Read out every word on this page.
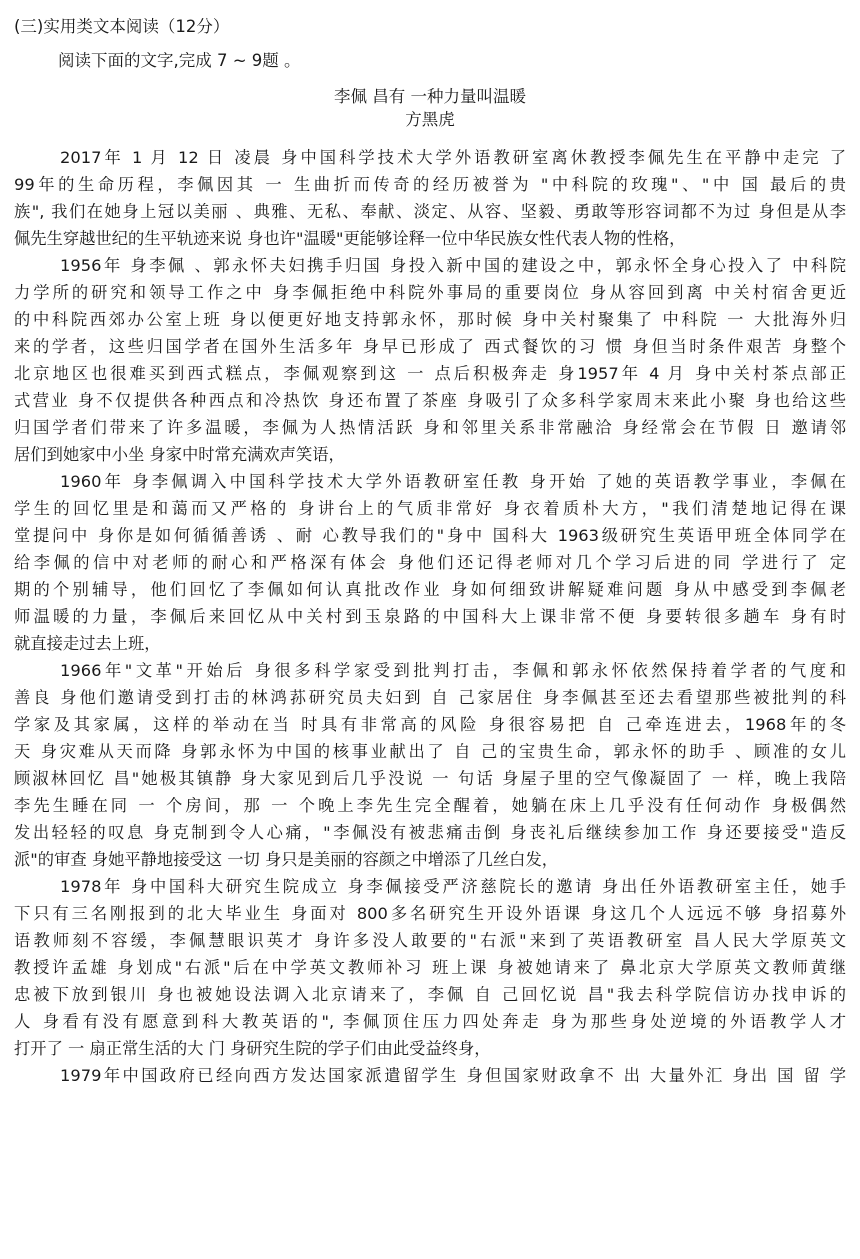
(三)实用类文本阅读（12分）
阅读下面的文字,完成 7 ~ 9题 。
李佩 昌有 一种力量叫温暖
方黑虎
2017年 1 月 12 日 凌晨 身中国科学技术大学外语教研室离休教授李佩先生在平静中走完 了
99年的生命历程，李佩因其 一 生曲折而传奇的经历被誉为 "中科院的玫瑰"、"中 国 最后的贵
族", 我们在她身上冠以美丽 、典雅、无私、奉献、淡定、从容、坚毅、勇敢等形容词都不为过 身但是从李
佩先生穿越世纪的生平轨迹来说 身也许"温暖"更能够诠释一位中华民族女性代表人物的性格，
1956年 身李佩 、郭永怀夫妇携手归国 身投入新中国的建设之中，郭永怀全身心投入了 中科院
力学所的研究和领导工作之中 身李佩拒绝中科院外事局的重要岗位 身从容回到离 中关村宿舍更近
的中科院西郊办公室上班 身以便更好地支持郭永怀，那时候 身中关村聚集了 中科院 一 大批海外归
来的学者，这些归国学者在国外生活多年 身早已形成了 西式餐饮的习 惯 身但当时条件艰苦 身整个
北京地区也很难买到西式糕点，李佩观察到这 一 点后积极奔走 身1957年 4 月 身中关村茶点部正
式营业 身不仅提供各种西点和冷热饮 身还布置了茶座 身吸引了众多科学家周末来此小聚 身也给这些
归国学者们带来了许多温暖，李佩为人热情活跃 身和邻里关系非常融洽 身经常会在节假 日 邀请邻
居们到她家中小坐 身家中时常充满欢声笑语，
1960年 身李佩调入中国科学技术大学外语教研室任教 身开始 了她的英语教学事业，李佩在
学生的回忆里是和蔼而又严格的 身讲台上的气质非常好 身衣着质朴大方，"我们清楚地记得在课
堂提问中 身你是如何循循善诱 、耐 心教导我们的"身中 国科大 1963级研究生英语甲班全体同学在
给李佩的信中对老师的耐心和严格深有体会 身他们还记得老师对几个学习后进的同 学进行了 定
期的个别辅导，他们回忆了李佩如何认真批改作业 身如何细致讲解疑难问题 身从中感受到李佩老
师温暖的力量，李佩后来回忆从中关村到玉泉路的中国科大上课非常不便 身要转很多趟车 身有时
就直接走过去上班，
1966年"文革"开始后 身很多科学家受到批判打击，李佩和郭永怀依然保持着学者的气度和
善良 身他们邀请受到打击的林鸿荪研究员夫妇到 自 己家居住 身李佩甚至还去看望那些被批判的科
学家及其家属，这样的举动在当 时具有非常高的风险 身很容易把 自 己牵连进去，1968年的冬
天 身灾难从天而降 身郭永怀为中国的核事业献出了 自 己的宝贵生命，郭永怀的助手 、顾准的女儿
顾淑林回忆 昌"她极其镇静 身大家见到后几乎没说 一 句话 身屋子里的空气像凝固了 一 样，晚上我陪
李先生睡在同 一 个房间，那 一 个晚上李先生完全醒着，她躺在床上几乎没有任何动作 身极偶然
发出轻轻的叹息 身克制到令人心痛，"李佩没有被悲痛击倒 身丧礼后继续参加工作 身还要接受"造反
派"的审查 身她平静地接受这 一切 身只是美丽的容颜之中增添了几丝白发，
1978年 身中国科大研究生院成立 身李佩接受严济慈院长的邀请 身出任外语教研室主任，她手
下只有三名刚报到的北大毕业生 身面对 800多名研究生开设外语课 身这几个人远远不够 身招募外
语教师刻不容缓，李佩慧眼识英才 身许多没人敢要的"右派"来到了英语教研室 昌人民大学原英文
教授许孟雄 身划成"右派"后在中学英文教师补习 班上课 身被她请来了 鼻北京大学原英文教师黄继
忠被下放到银川 身也被她设法调入北京请来了，李佩 自 己回忆说 昌"我去科学院信访办找申诉的
人 身看有没有愿意到科大教英语的", 李佩顶住压力四处奔走 身为那些身处逆境的外语教学人才
打开了 一 扇正常生活的大 门 身研究生院的学子们由此受益终身，
1979年中国政府已经向西方发达国家派遣留学生 身但国家财政拿不 出 大量外汇 身出 国 留 学
